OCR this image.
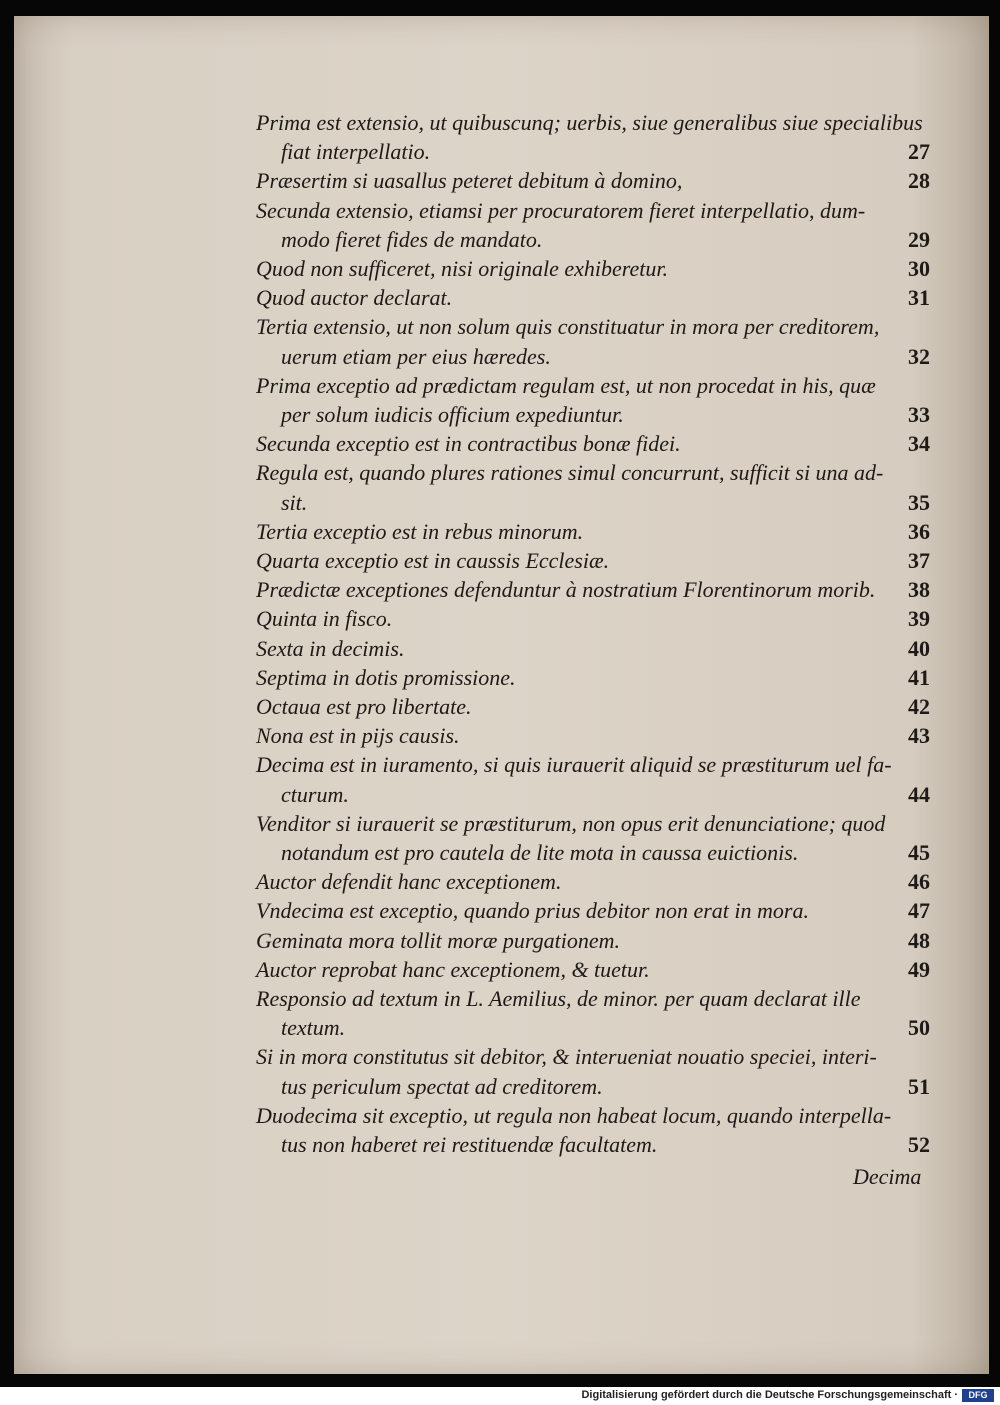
Prima est extensio, ut quibuscunq; uerbis, siue generalibus siue specialibus
fiat interpellatio.	27
Præsertim si uasallus peteret debitum à domino,	28
Secunda extensio, etiamsi per procuratorem fieret interpellatio, dum-
modo fieret fides de mandato.	29
Quod non sufficeret, nisi originale exhiberetur.	30
Quod auctor declarat.	31
Tertia extensio, ut non solum quis constituatur in mora per creditorem,
uerum etiam per eius hæredes.	32
Prima exceptio ad prædictam regulam est, ut non procedat in his, quæ
per solum iudicis officium expediuntur.	33
Secunda exceptio est in contractibus bonæ fidei.	34
Regula est, quando plures rationes simul concurrunt, sufficit si una ad-
sit.	35
Tertia exceptio est in rebus minorum.	36
Quarta exceptio est in caussis Ecclesiæ.	37
Prædictæ exceptiones defenduntur à nostratium Florentinorum morib. 38
Quinta in fisco.	39
Sexta in decimis.	40
Septima in dotis promissione.	41
Octaua est pro libertate.	42
Nona est in pijs causis.	43
Decima est in iuramento, si quis iurauerit aliquid se præstiturum uel fa-
cturum.	44
Venditor si iurauerit se præstiturum, non opus erit denunciatione; quod
notandum est pro cautela de lite mota in caussa euictionis.	45
Auctor defendit hanc exceptionem.	46
Vndecima est exceptio, quando prius debitor non erat in mora.	47
Geminata mora tollit moræ purgationem.	48
Auctor reprobat hanc exceptionem, & tuetur.	49
Responsio ad textum in L. Aemilius, de minor. per quam declarat ille
textum.	50
Si in mora constitutus sit debitor, & interueniat nouatio speciei, interi-
tus periculum spectat ad creditorem.	51
Duodecima sit exceptio, ut regula non habeat locum, quando interpella-
tus non haberet rei restituendæ facultatem.	52
Decima
Digitalisierung gefördert durch die Deutsche Forschungsgemeinschaft ·	DFG
